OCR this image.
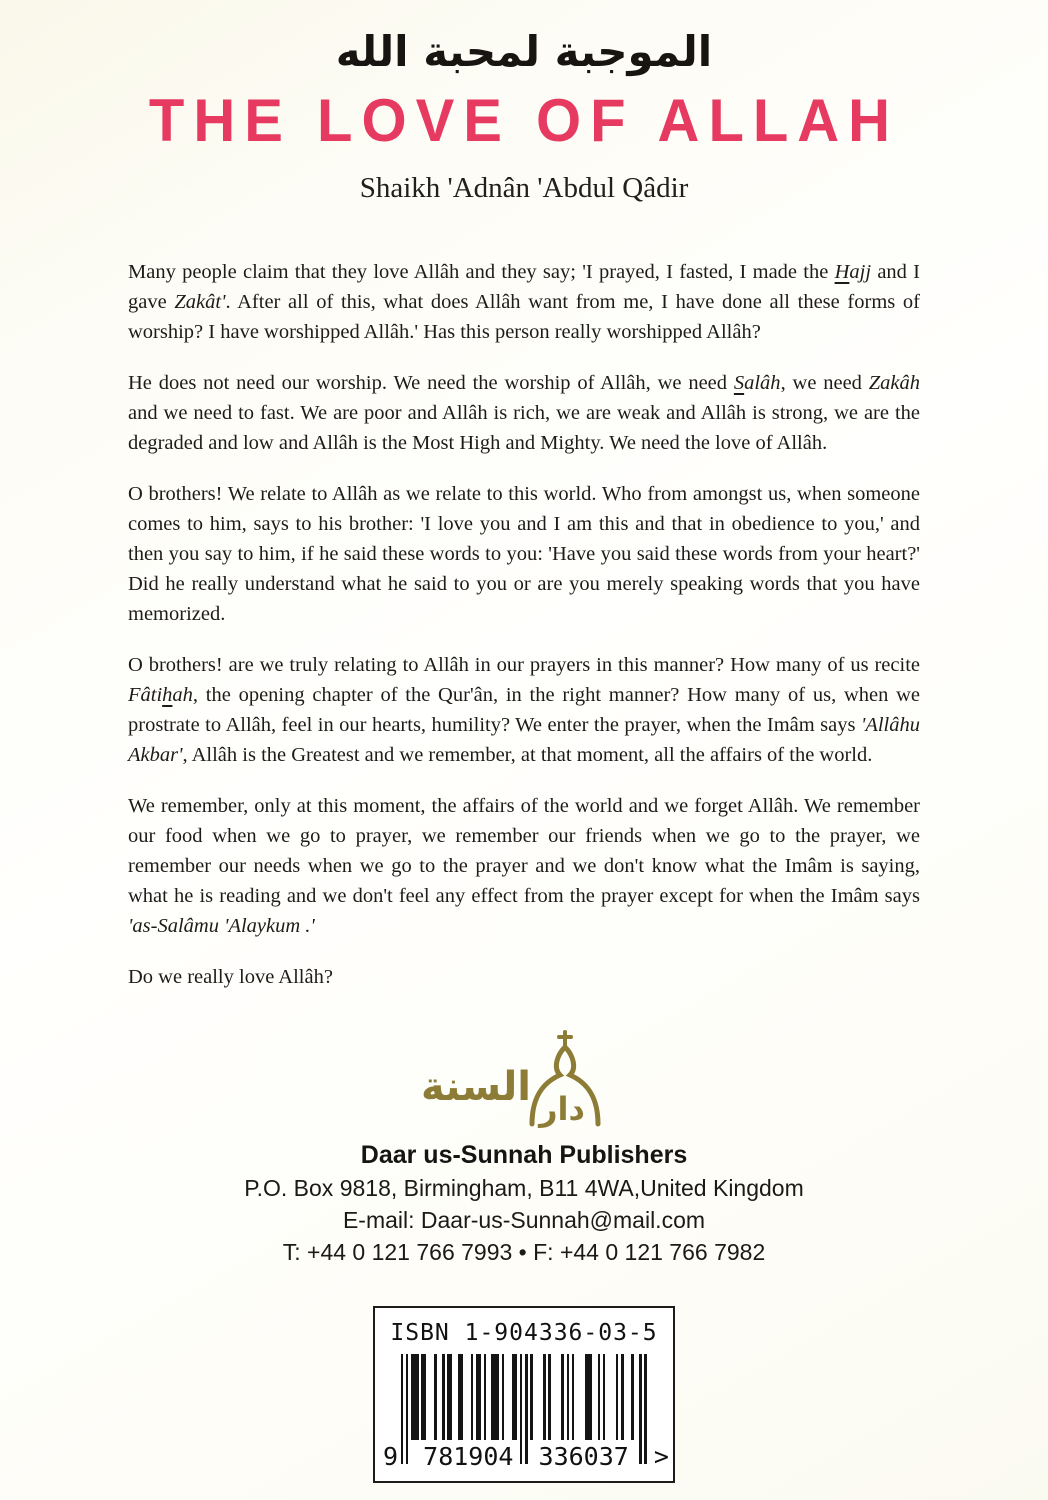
الموجبة لمحبة الله
THE LOVE OF ALLAH
Shaikh 'Adnân 'Abdul Qâdir

Many people claim that they love Allâh and they say; 'I prayed, I fasted, I made the Hajj and I gave Zakât'. After all of this, what does Allâh want from me, I have done all these forms of worship? I have worshipped Allâh.' Has this person really worshipped Allâh?

He does not need our worship. We need the worship of Allâh, we need Salâh, we need Zakâh and we need to fast. We are poor and Allâh is rich, we are weak and Allâh is strong, we are the degraded and low and Allâh is the Most High and Mighty. We need the love of Allâh.

O brothers! We relate to Allâh as we relate to this world. Who from amongst us, when someone comes to him, says to his brother: 'I love you and I am this and that in obedience to you,' and then you say to him, if he said these words to you: 'Have you said these words from your heart?' Did he really understand what he said to you or are you merely speaking words that you have memorized.

O brothers! are we truly relating to Allâh in our prayers in this manner? How many of us recite Fâtihah, the opening chapter of the Qur'ân, in the right manner? How many of us, when we prostrate to Allâh, feel in our hearts, humility? We enter the prayer, when the Imâm says 'Allâhu Akbar', Allâh is the Greatest and we remember, at that moment, all the affairs of the world.

We remember, only at this moment, the affairs of the world and we forget Allâh. We remember our food when we go to prayer, we remember our friends when we go to the prayer, we remember our needs when we go to the prayer and we don't know what the Imâm is saying, what he is reading and we don't feel any effect from the prayer except for when the Imâm says 'as-Salâmu 'Alaykum .'

Do we really love Allâh?
السنة دار
Daar us-Sunnah Publishers
P.O. Box 9818, Birmingham, B11 4WA,United Kingdom
E-mail: Daar-us-Sunnah@mail.com
T: +44 0 121 766 7993 • F: +44 0 121 766 7982
ISBN 1-904336-03-5
9 781904 336037 >
